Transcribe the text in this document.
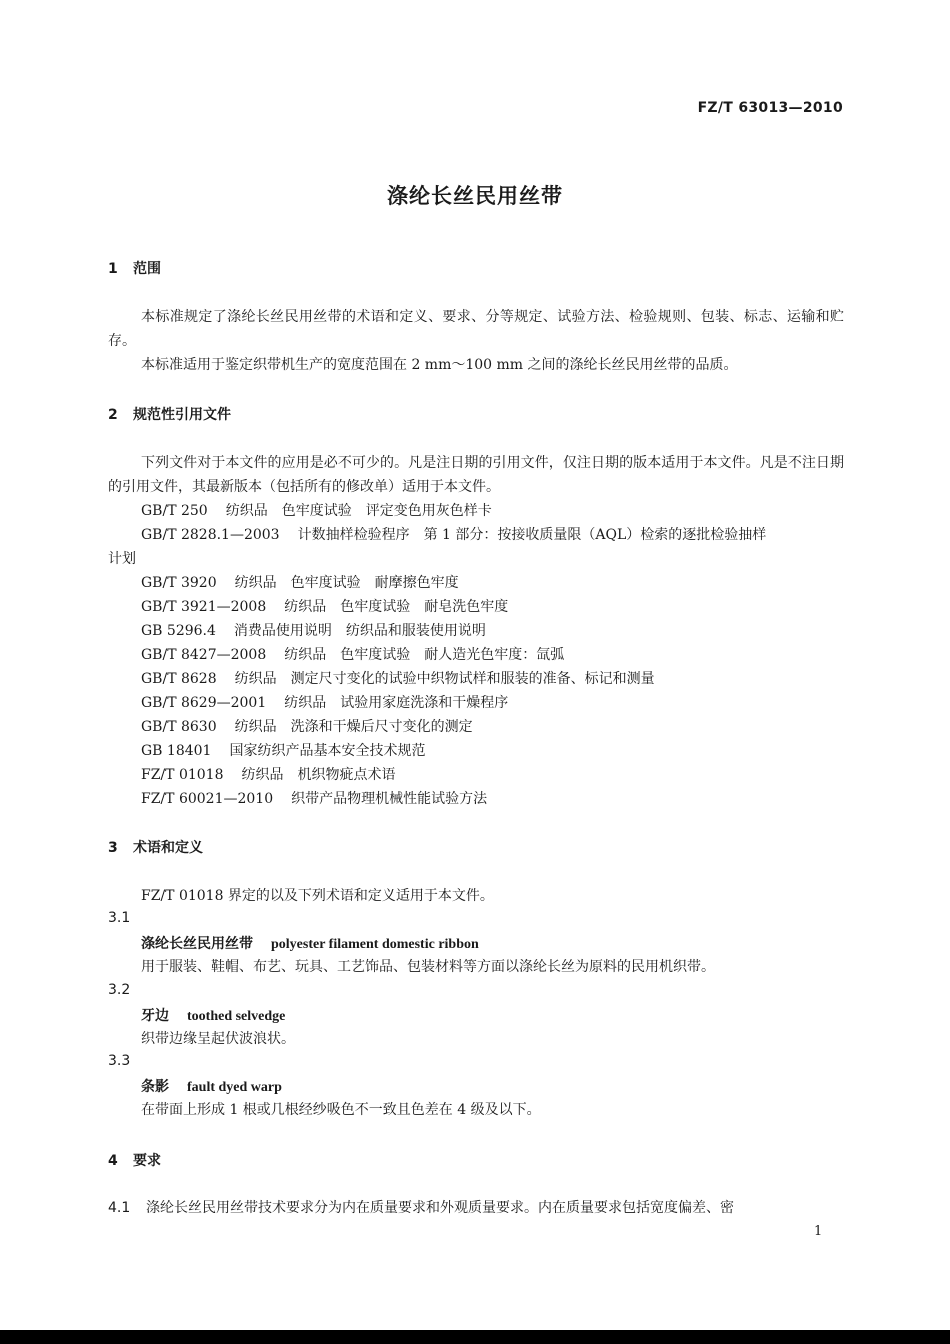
FZ/T 63013—2010
涤纶长丝民用丝带
1 范围
本标准规定了涤纶长丝民用丝带的术语和定义、要求、分等规定、试验方法、检验规则、包装、标志、运输和贮存。
本标准适用于鉴定织带机生产的宽度范围在 2 mm～100 mm 之间的涤纶长丝民用丝带的品质。
2 规范性引用文件
下列文件对于本文件的应用是必不可少的。凡是注日期的引用文件，仅注日期的版本适用于本文件。凡是不注日期的引用文件，其最新版本（包括所有的修改单）适用于本文件。
GB/T 250 纺织品　色牢度试验　评定变色用灰色样卡
GB/T 2828.1—2003 计数抽样检验程序　第 1 部分：按接收质量限（AQL）检索的逐批检验抽样
计划
GB/T 3920 纺织品　色牢度试验　耐摩擦色牢度
GB/T 3921—2008 纺织品　色牢度试验　耐皂洗色牢度
GB 5296.4 消费品使用说明　纺织品和服装使用说明
GB/T 8427—2008 纺织品　色牢度试验　耐人造光色牢度：氙弧
GB/T 8628 纺织品　测定尺寸变化的试验中织物试样和服装的准备、标记和测量
GB/T 8629—2001 纺织品　试验用家庭洗涤和干燥程序
GB/T 8630 纺织品　洗涤和干燥后尺寸变化的测定
GB 18401 国家纺织产品基本安全技术规范
FZ/T 01018 纺织品　机织物疵点术语
FZ/T 60021—2010 织带产品物理机械性能试验方法
3 术语和定义
FZ/T 01018 界定的以及下列术语和定义适用于本文件。
3.1
涤纶长丝民用丝带 polyester filament domestic ribbon
用于服装、鞋帽、布艺、玩具、工艺饰品、包装材料等方面以涤纶长丝为原料的民用机织带。
3.2
牙边 toothed selvedge
织带边缘呈起伏波浪状。
3.3
条影 fault dyed warp
在带面上形成 1 根或几根经纱吸色不一致且色差在 4 级及以下。
4 要求
4.1 涤纶长丝民用丝带技术要求分为内在质量要求和外观质量要求。内在质量要求包括宽度偏差、密
1
